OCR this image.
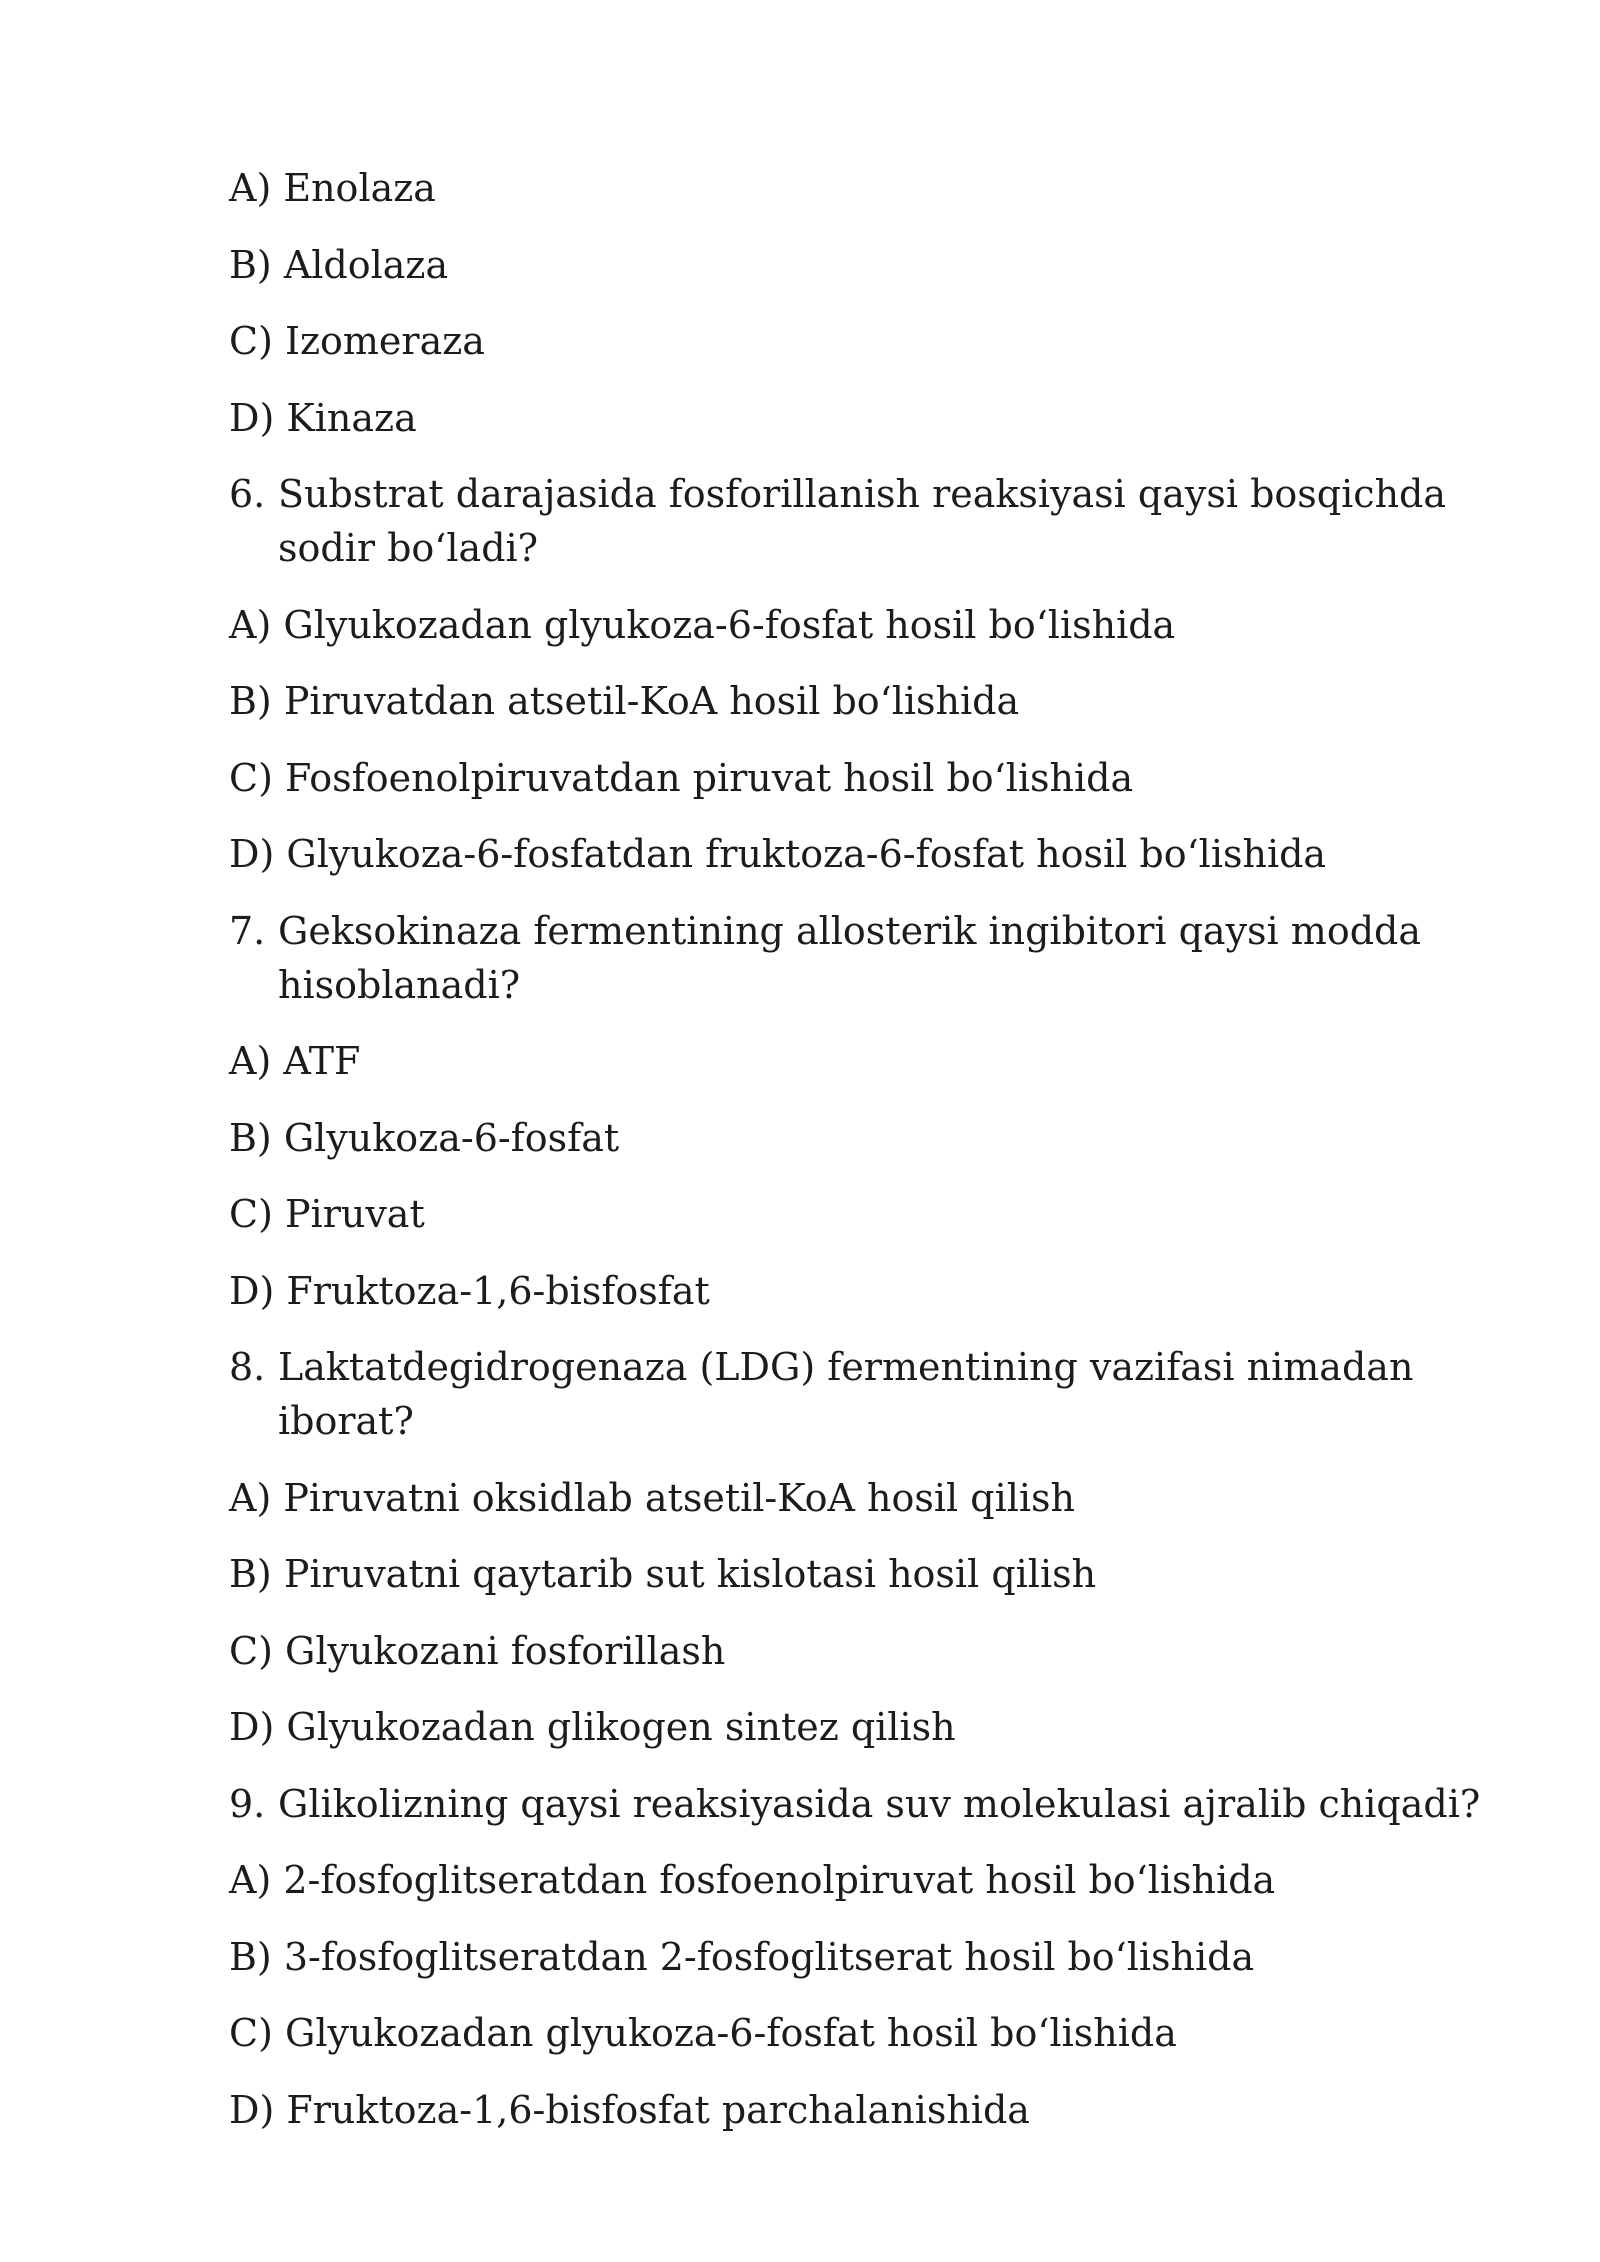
A) Enolaza
B) Aldolaza
C) Izomeraza
D) Kinaza
6. Substrat darajasida fosforillanish reaksiyasi qaysi bosqichda sodir boʻladi?
A) Glyukozadan glyukoza-6-fosfat hosil boʻlishida
B) Piruvatdan atsetil-KoA hosil boʻlishida
C) Fosfoenolpiruvatdan piruvat hosil boʻlishida
D) Glyukoza-6-fosfatdan fruktoza-6-fosfat hosil boʻlishida
7. Geksokinaza fermentining allosterik ingibitori qaysi modda hisoblanadi?
A) ATF
B) Glyukoza-6-fosfat
C) Piruvat
D) Fruktoza-1,6-bisfosfat
8. Laktatdegidrogenaza (LDG) fermentining vazifasi nimadan iborat?
A) Piruvatni oksidlab atsetil-KoA hosil qilish
B) Piruvatni qaytarib sut kislotasi hosil qilish
C) Glyukozani fosforillash
D) Glyukozadan glikogen sintez qilish
9. Glikolizning qaysi reaksiyasida suv molekulasi ajralib chiqadi?
A) 2-fosfoglitseratdan fosfoenolpiruvat hosil boʻlishida
B) 3-fosfoglitseratdan 2-fosfoglitserat hosil boʻlishida
C) Glyukozadan glyukoza-6-fosfat hosil boʻlishida
D) Fruktoza-1,6-bisfosfat parchalanishida
